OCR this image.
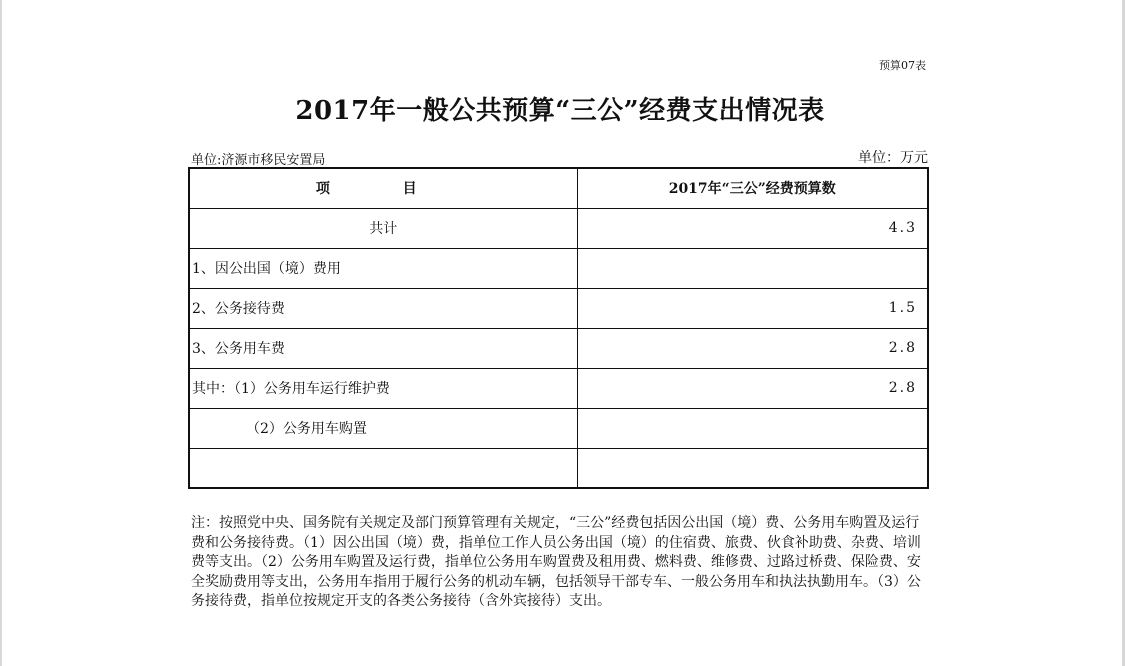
预算07表
2017年一般公共预算“三公”经费支出情况表
单位:济源市移民安置局	单位：万元
项 目	2017年“三公”经费预算数
共计	4.3
1、因公出国（境）费用	
2、公务接待费	1.5
3、公务用车费	2.8
其中：（1）公务用车运行维护费	2.8
（2）公务用车购置	

注：按照党中央、国务院有关规定及部门预算管理有关规定，“三公”经费包括因公出国（境）费、公务用车购置及运行费和公务接待费。（1）因公出国（境）费，指单位工作人员公务出国（境）的住宿费、旅费、伙食补助费、杂费、培训费等支出。（2）公务用车购置及运行费，指单位公务用车购置费及租用费、燃料费、维修费、过路过桥费、保险费、安全奖励费用等支出，公务用车指用于履行公务的机动车辆，包括领导干部专车、一般公务用车和执法执勤用车。（3）公务接待费，指单位按规定开支的各类公务接待（含外宾接待）支出。
